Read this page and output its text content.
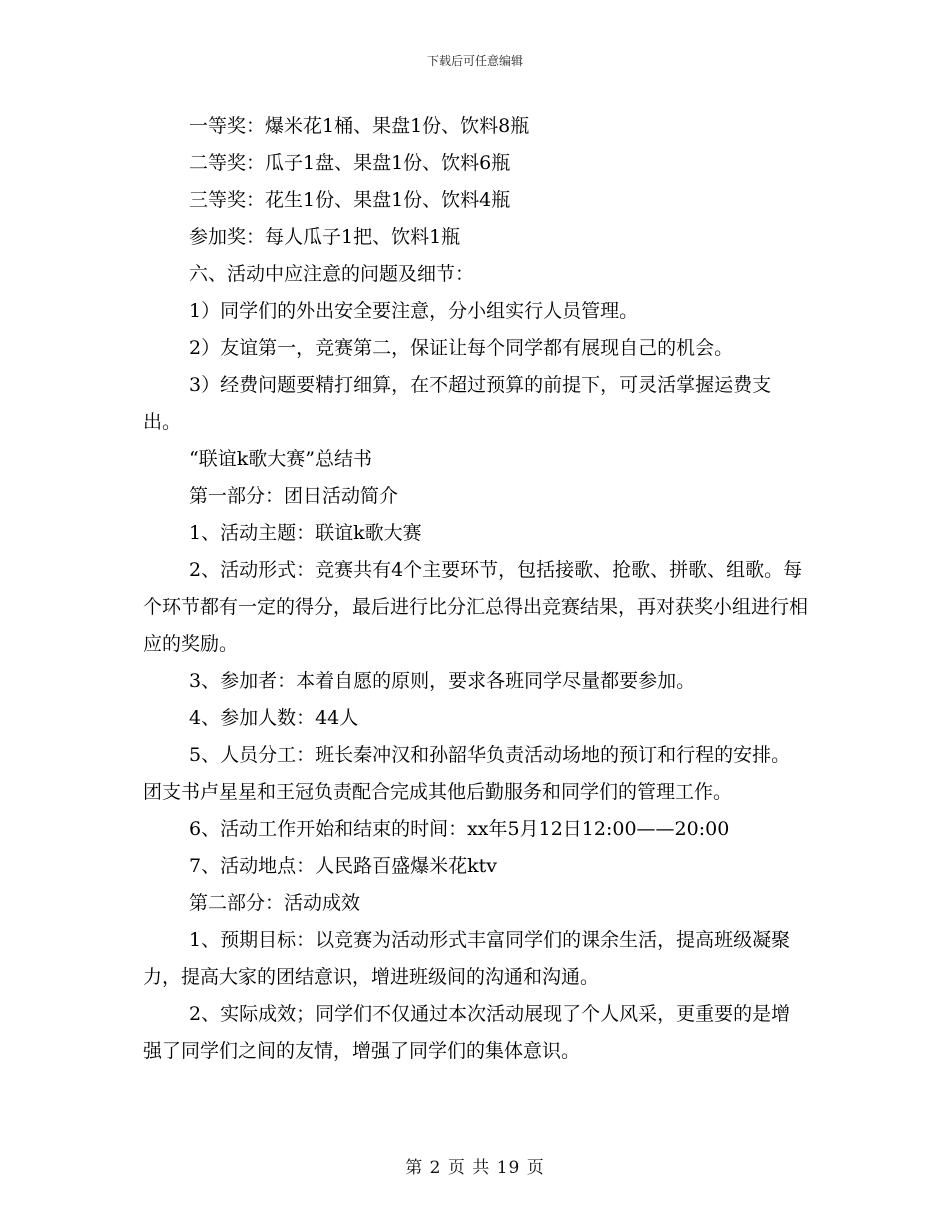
下载后可任意编辑

一等奖：爆米花1桶、果盘1份、饮料8瓶

二等奖：瓜子1盘、果盘1份、饮料6瓶

三等奖：花生1份、果盘1份、饮料4瓶

参加奖：每人瓜子1把、饮料1瓶

六、活动中应注意的问题及细节：

1）同学们的外出安全要注意，分小组实行人员管理。

2）友谊第一，竞赛第二，保证让每个同学都有展现自己的机会。

3）经费问题要精打细算，在不超过预算的前提下，可灵活掌握运费支出。

“联谊k歌大赛”总结书

第一部分：团日活动简介

1、活动主题：联谊k歌大赛

2、活动形式：竞赛共有4个主要环节，包括接歌、抢歌、拼歌、组歌。每个环节都有一定的得分，最后进行比分汇总得出竞赛结果，再对获奖小组进行相应的奖励。

3、参加者：本着自愿的原则，要求各班同学尽量都要参加。

4、参加人数：44人

5、人员分工：班长秦冲汉和孙韶华负责活动场地的预订和行程的安排。团支书卢星星和王冠负责配合完成其他后勤服务和同学们的管理工作。

6、活动工作开始和结束的时间：xx年5月12日12:00——20:00

7、活动地点：人民路百盛爆米花ktv

第二部分：活动成效

1、预期目标：以竞赛为活动形式丰富同学们的课余生活，提高班级凝聚力，提高大家的团结意识，增进班级间的沟通和沟通。

2、实际成效；同学们不仅通过本次活动展现了个人风采，更重要的是增强了同学们之间的友情，增强了同学们的集体意识。

第 2 页 共 19 页
